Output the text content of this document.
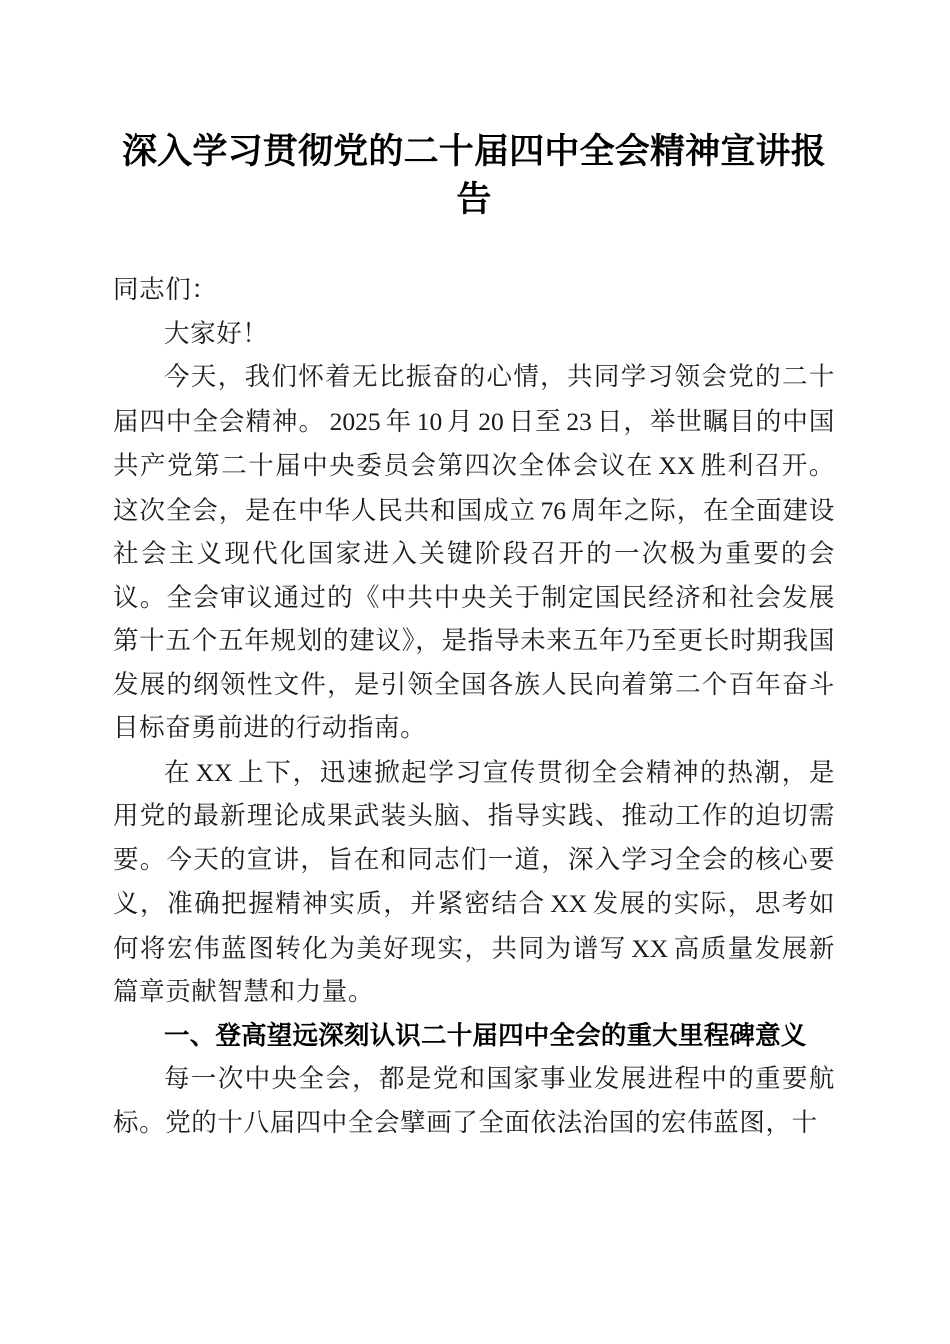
深入学习贯彻党的二十届四中全会精神宣讲报告

同志们：

大家好！

今天，我们怀着无比振奋的心情，共同学习领会党的二十届四中全会精神。 2025 年 10 月 20 日至 23 日，举世瞩目的中国共产党第二十届中央委员会第四次全体会议在 XX 胜利召开。这次全会，是在中华人民共和国成立 76 周年之际，在全面建设社会主义现代化国家进入关键阶段召开的一次极为重要的会议。全会审议通过的《中共中央关于制定国民经济和社会发展第十五个五年规划的建议》，是指导未来五年乃至更长时期我国发展的纲领性文件，是引领全国各族人民向着第二个百年奋斗目标奋勇前进的行动指南。

在 XX 上下，迅速掀起学习宣传贯彻全会精神的热潮，是用党的最新理论成果武装头脑、指导实践、推动工作的迫切需要。今天的宣讲，旨在和同志们一道，深入学习全会的核心要义，准确把握精神实质，并紧密结合 XX 发展的实际，思考如何将宏伟蓝图转化为美好现实，共同为谱写 XX 高质量发展新篇章贡献智慧和力量。

一、登高望远深刻认识二十届四中全会的重大里程碑意义

每一次中央全会，都是党和国家事业发展进程中的重要航标。党的十八届四中全会擘画了全面依法治国的宏伟蓝图，十
